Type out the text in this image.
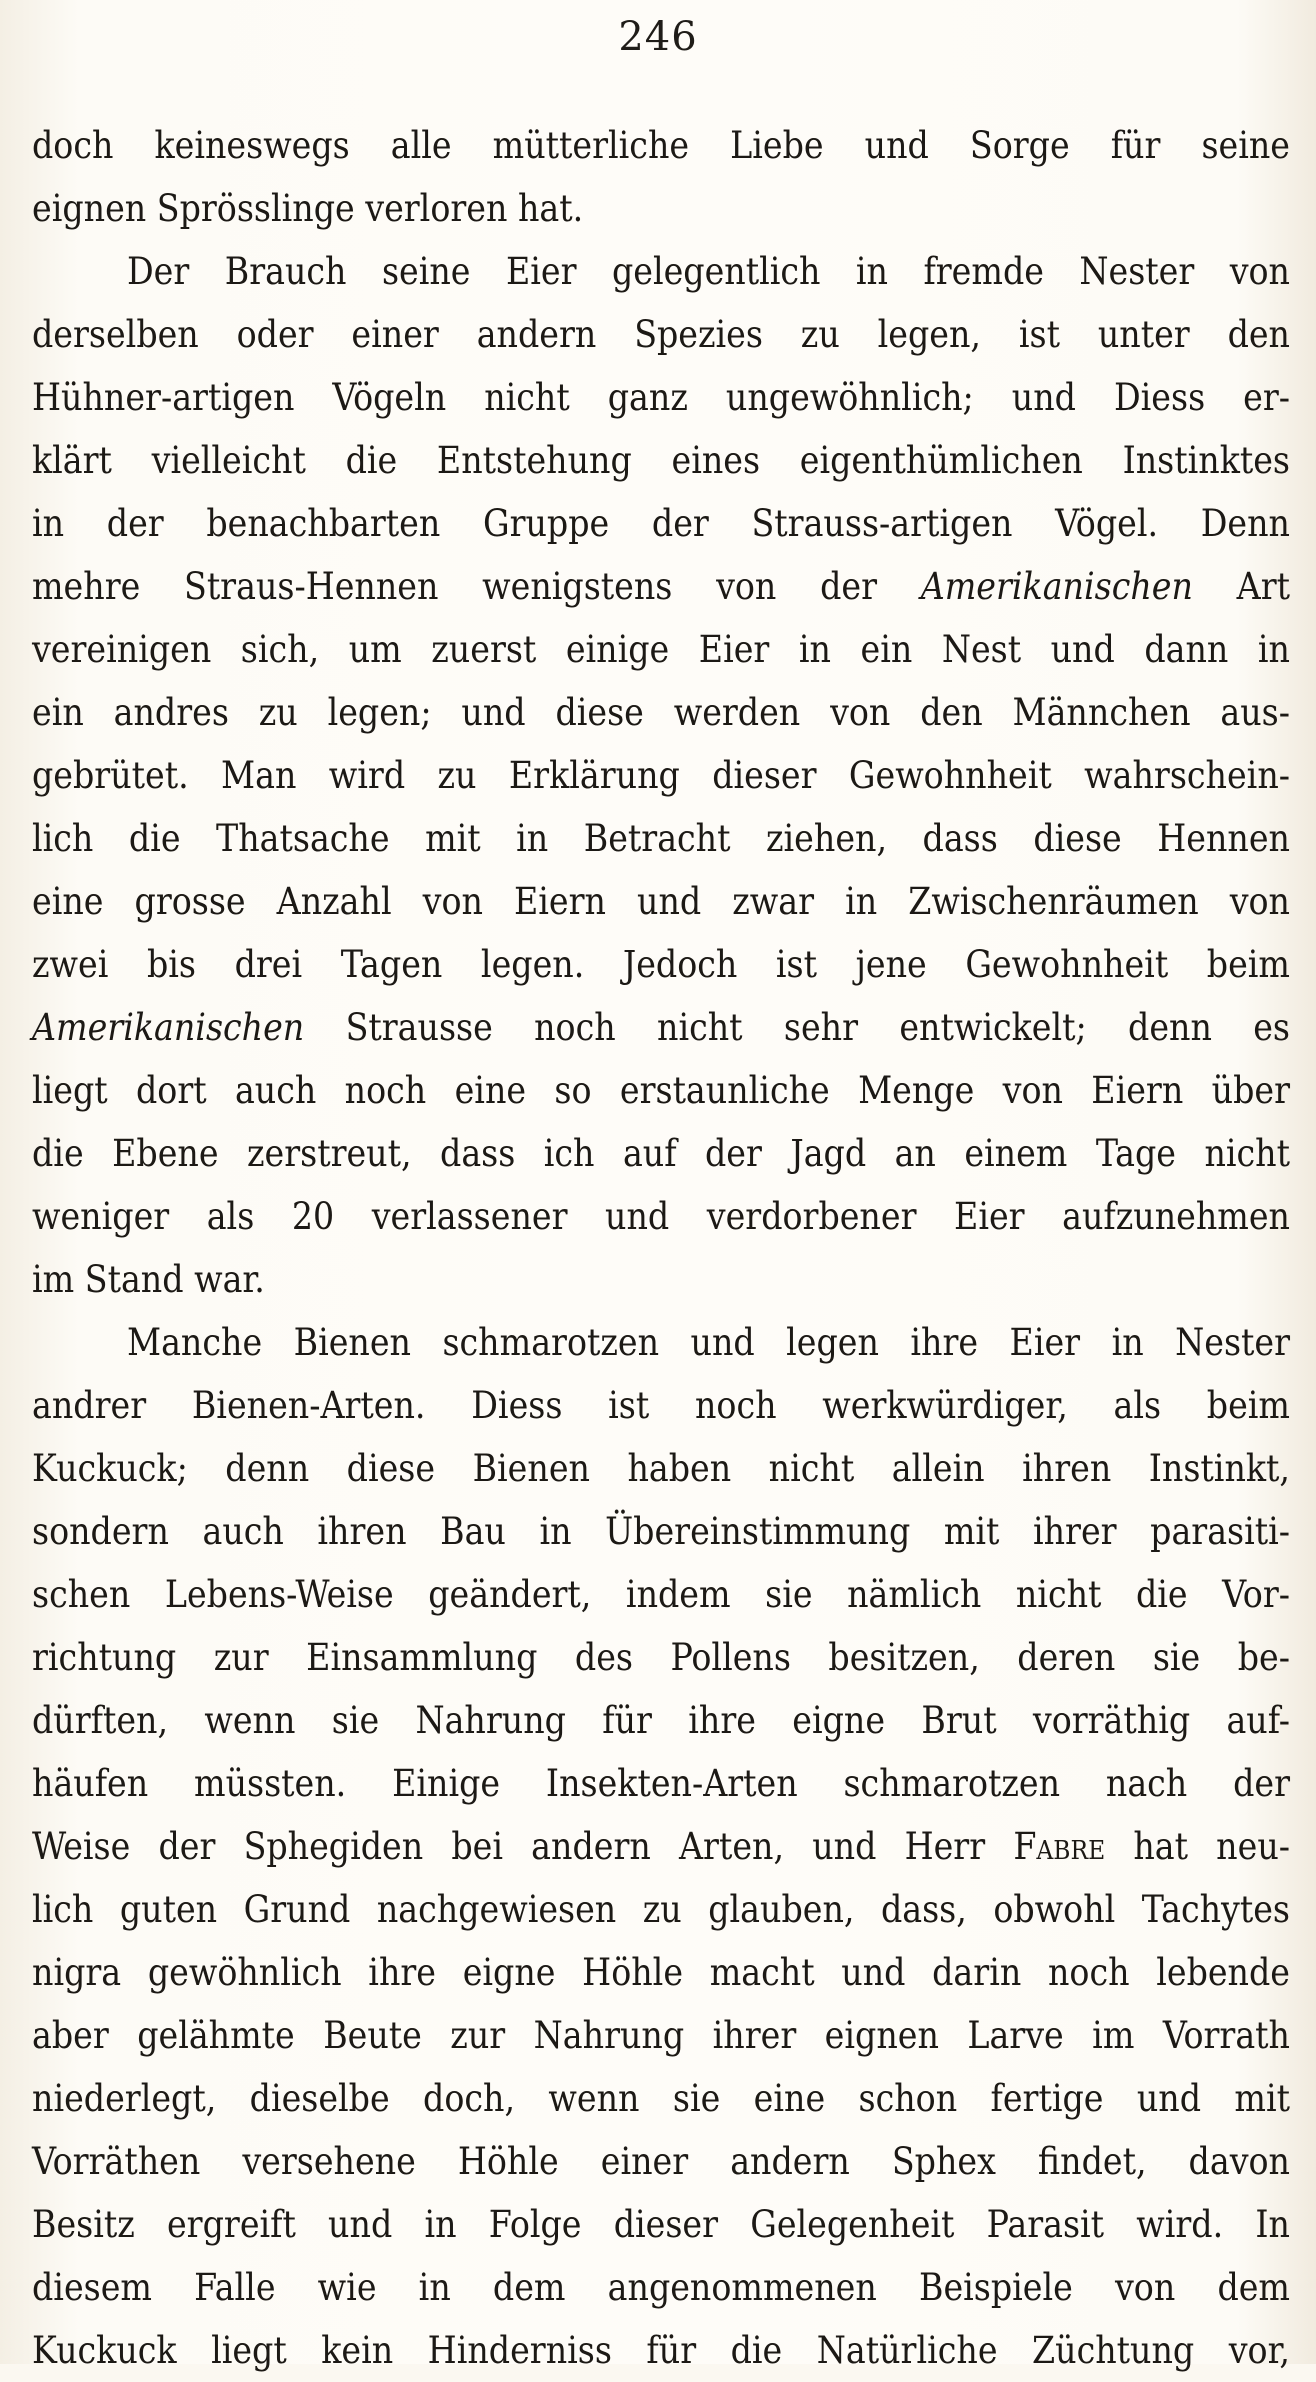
246
doch keineswegs alle mütterliche Liebe und Sorge für seine
eignen Sprösslinge verloren hat.
Der Brauch seine Eier gelegentlich in fremde Nester von
derselben oder einer andern Spezies zu legen, ist unter den
Hühner-artigen Vögeln nicht ganz ungewöhnlich; und Diess er-
klärt vielleicht die Entstehung eines eigenthümlichen Instinktes
in der benachbarten Gruppe der Strauss-artigen Vögel. Denn
mehre Straus-Hennen wenigstens von der Amerikanischen Art
vereinigen sich, um zuerst einige Eier in ein Nest und dann in
ein andres zu legen; und diese werden von den Männchen aus-
gebrütet. Man wird zu Erklärung dieser Gewohnheit wahrschein-
lich die Thatsache mit in Betracht ziehen, dass diese Hennen
eine grosse Anzahl von Eiern und zwar in Zwischenräumen von
zwei bis drei Tagen legen. Jedoch ist jene Gewohnheit beim
Amerikanischen Strausse noch nicht sehr entwickelt; denn es
liegt dort auch noch eine so erstaunliche Menge von Eiern über
die Ebene zerstreut, dass ich auf der Jagd an einem Tage nicht
weniger als 20 verlassener und verdorbener Eier aufzunehmen
im Stand war.
Manche Bienen schmarotzen und legen ihre Eier in Nester
andrer Bienen-Arten. Diess ist noch werkwürdiger, als beim
Kuckuck; denn diese Bienen haben nicht allein ihren Instinkt,
sondern auch ihren Bau in Übereinstimmung mit ihrer parasiti-
schen Lebens-Weise geändert, indem sie nämlich nicht die Vor-
richtung zur Einsammlung des Pollens besitzen, deren sie be-
dürften, wenn sie Nahrung für ihre eigne Brut vorräthig auf-
häufen müssten. Einige Insekten-Arten schmarotzen nach der
Weise der Sphegiden bei andern Arten, und Herr Fabre hat neu-
lich guten Grund nachgewiesen zu glauben, dass, obwohl Tachytes
nigra gewöhnlich ihre eigne Höhle macht und darin noch lebende
aber gelähmte Beute zur Nahrung ihrer eignen Larve im Vorrath
niederlegt, dieselbe doch, wenn sie eine schon fertige und mit
Vorräthen versehene Höhle einer andern Sphex findet, davon
Besitz ergreift und in Folge dieser Gelegenheit Parasit wird. In
diesem Falle wie in dem angenommenen Beispiele von dem
Kuckuck liegt kein Hinderniss für die Natürliche Züchtung vor,
